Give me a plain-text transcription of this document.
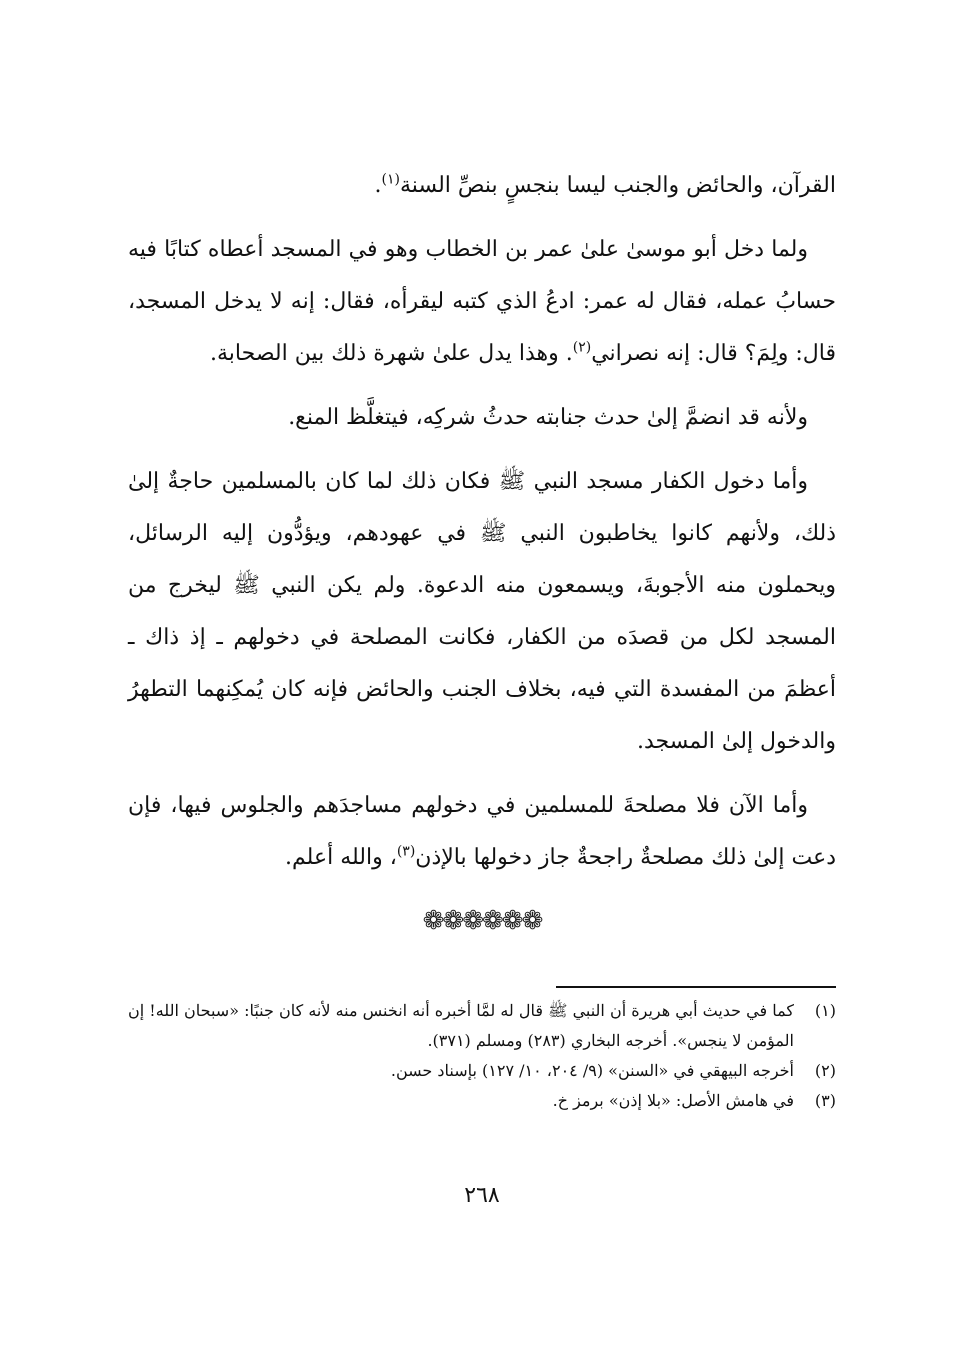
القرآن، والحائض والجنب ليسا بنجسٍ بنصِّ السنة$^{(١)}$.

ولما دخل أبو موسىٰ علىٰ عمر بن الخطاب وهو في المسجد أعطاه كتابًا فيه حسابُ عمله، فقال له عمر: ادعُ الذي كتبه ليقرأه، فقال: إنه لا يدخل المسجد، قال: ولِمَ؟ قال: إنه نصراني$^{(٢)}$. وهذا يدل علىٰ شهرة ذلك بين الصحابة.

ولأنه قد انضمَّ إلىٰ حدث جنابته حدثُ شركِه، فيتغلَّظ المنع.

وأما دخول الكفار مسجد النبي ﷺ فكان ذلك لما كان بالمسلمين حاجةٌ إلىٰ ذلك، ولأنهم كانوا يخاطبون النبي ﷺ في عهودهم، ويؤدُّون إليه الرسائل، ويحملون منه الأجوبةَ، ويسمعون منه الدعوة. ولم يكن النبي ﷺ ليخرج من المسجد لكل من قصدَه من الكفار، فكانت المصلحة في دخولهم ـ إذ ذاك ـ أعظمَ من المفسدة التي فيه، بخلاف الجنب والحائض فإنه كان يُمكِنهما التطهرُ والدخول إلىٰ المسجد.

وأما الآن فلا مصلحةَ للمسلمين في دخولهم مساجدَهم والجلوس فيها، فإن دعت إلىٰ ذلك مصلحةٌ راجحةٌ جاز دخولها بالإذن$^{(٣)}$، والله أعلم.

❁❁❁❁❁❁
(١)
كما في حديث أبي هريرة أن النبي ﷺ قال له لمَّا أخبره أنه انخنس منه لأنه كان جنبًا: «سبحان الله! إن المؤمن لا ينجس». أخرجه البخاري (٢٨٣) ومسلم (٣٧١).
(٢)
أخرجه البيهقي في «السنن» (٩/ ٢٠٤، ١٠/ ١٢٧) بإسناد حسن.
(٣)
في هامش الأصل: «بلا إذن» برمز خ.
٢٦٨
